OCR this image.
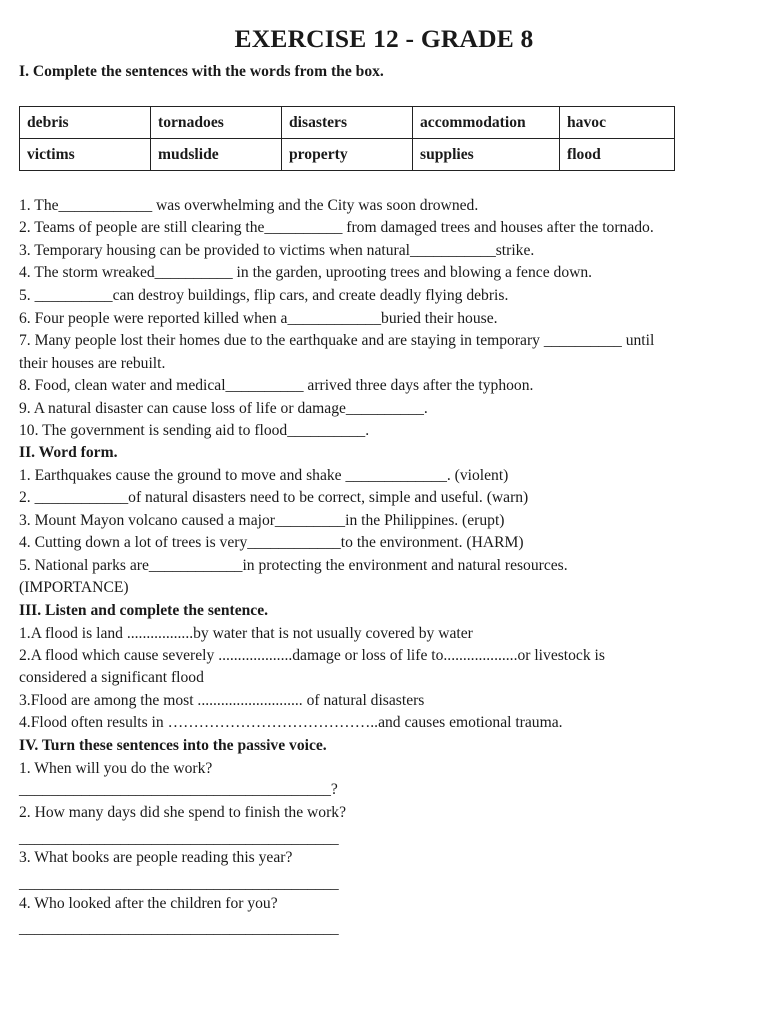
EXERCISE 12 - GRADE 8
I. Complete the sentences with the words from the box.
debris	tornadoes	disasters	accommodation	havoc
victims	mudslide	property	supplies	flood
1. The____________ was overwhelming and the City was soon drowned.
2. Teams of people are still clearing the__________ from damaged trees and houses after the tornado.
3. Temporary housing can be provided to victims when natural___________strike.
4. The storm wreaked__________ in the garden, uprooting trees and blowing a fence down.
5. __________can destroy buildings, flip cars, and create deadly flying debris.
6. Four people were reported killed when a____________buried their house.
7. Many people lost their homes due to the earthquake and are staying in temporary __________ until
their houses are rebuilt.
8. Food, clean water and medical__________ arrived three days after the typhoon.
9. A natural disaster can cause loss of life or damage__________.
10. The government is sending aid to flood__________.
II. Word form.
1. Earthquakes cause the ground to move and shake _____________. (violent)
2. ____________of natural disasters need to be correct, simple and useful. (warn)
3. Mount Mayon volcano caused a major_________in the Philippines. (erupt)
4. Cutting down a lot of trees is very____________to the environment. (HARM)
5. National parks are____________in protecting the environment and natural resources.
(IMPORTANCE)
III. Listen and complete the sentence.
1.A flood is land .................by water that is not usually covered by water
2.A flood which cause severely ...................damage or loss of life to...................or livestock is
considered a significant flood
3.Flood are among the most ........................... of natural disasters
4.Flood often results in …………………………………..and causes emotional trauma.
IV. Turn these sentences into the passive voice.
1. When will you do the work?
________________________________________?
2. How many days did she spend to finish the work?
_________________________________________
3. What books are people reading this year?
_________________________________________
4. Who looked after the children for you?
_________________________________________
